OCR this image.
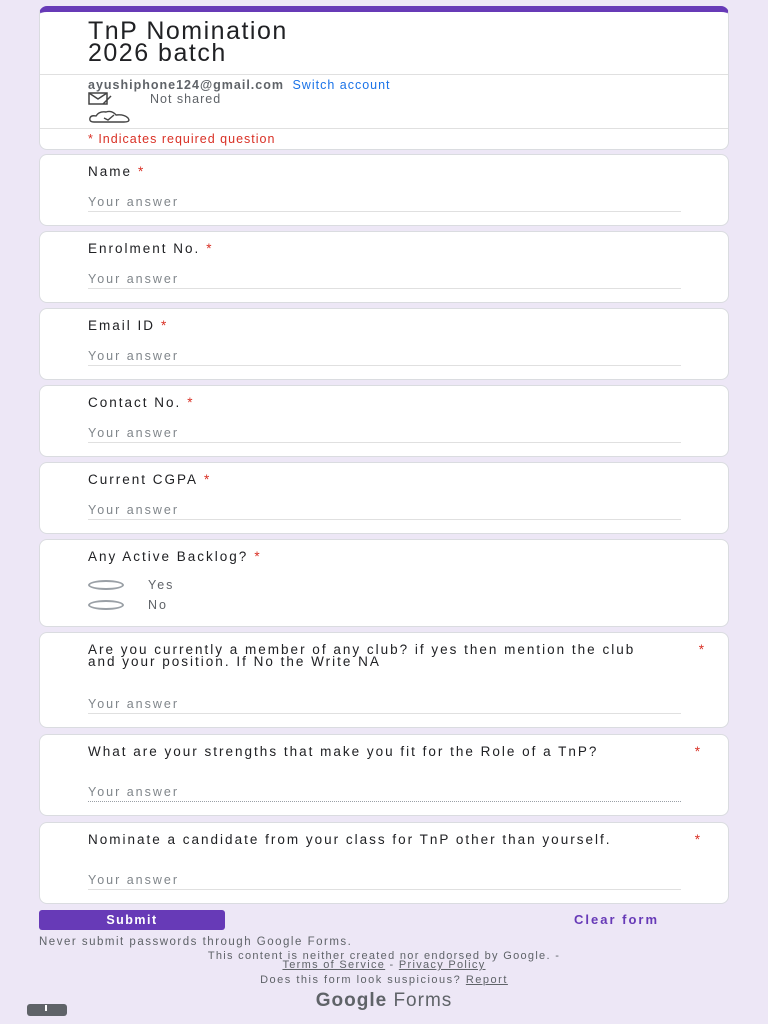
TnP Nomination
2026 batch
ayushiphone124@gmail.com Switch account
Not shared
* Indicates required question
Name *
Your answer
Enrolment No. *
Your answer
Email ID *
Your answer
Contact No. *
Your answer
Current CGPA *
Your answer
Any Active Backlog? *
Yes
No
Are you currently a member of any club? if yes then mention the club and your position. If No the Write NA
*
Your answer
What are your strengths that make you fit for the Role of a TnP?	*
Your answer
Nominate a candidate from your class for TnP other than yourself.	*
Your answer
Submit	Clear form
Never submit passwords through Google Forms.
This content is neither created nor endorsed by Google. -
Terms of Service - Privacy Policy
Does this form look suspicious? Report
Google Forms
